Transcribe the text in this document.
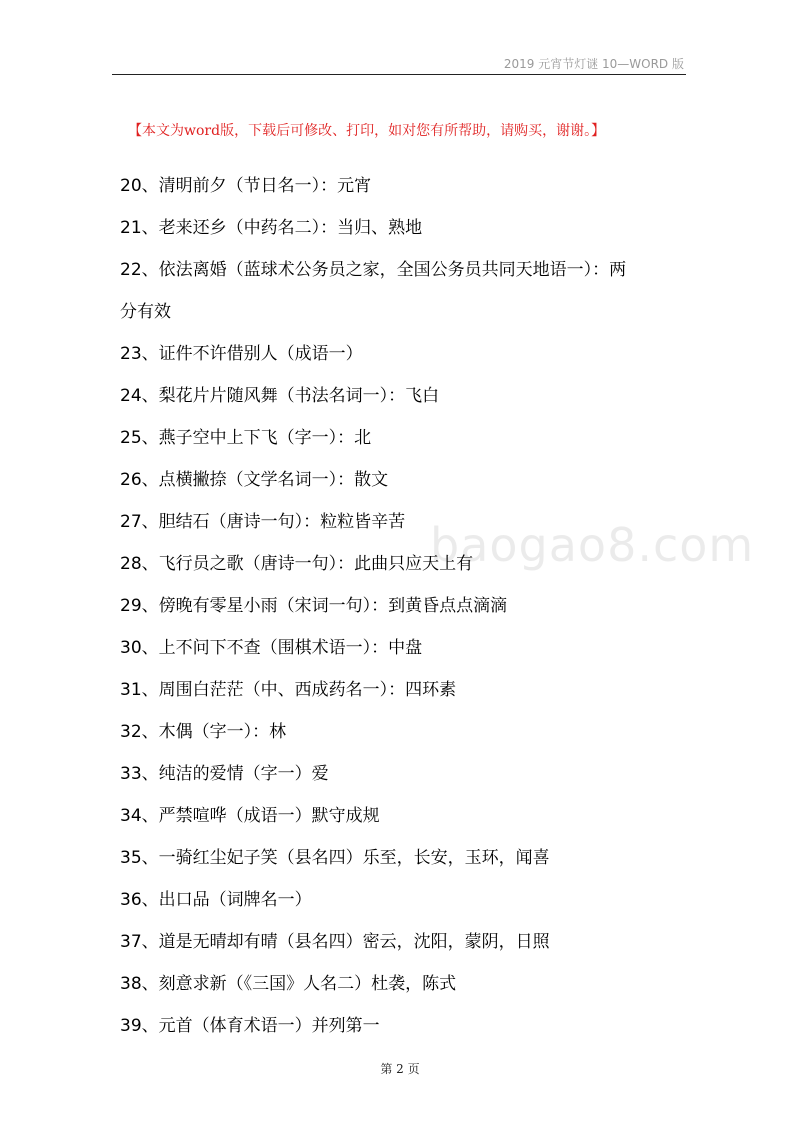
2019 元宵节灯谜 10—WORD 版
【本文为word版，下载后可修改、打印，如对您有所帮助，请购买，谢谢。】
baogao8.com
20、清明前夕（节日名一）：元宵
21、老来还乡（中药名二）：当归、熟地
22、依法离婚（蓝球术公务员之家，全国公务员共同天地语一）：两
分有效
23、证件不许借别人（成语一）
24、梨花片片随风舞（书法名词一）：飞白
25、燕子空中上下飞（字一）：北
26、点横撇捺（文学名词一）：散文
27、胆结石（唐诗一句）：粒粒皆辛苦
28、飞行员之歌（唐诗一句）：此曲只应天上有
29、傍晚有零星小雨（宋词一句）：到黄昏点点滴滴
30、上不问下不查（围棋术语一）：中盘
31、周围白茫茫（中、西成药名一）：四环素
32、木偶（字一）：林
33、纯洁的爱情（字一）爱
34、严禁喧哗（成语一）默守成规
35、一骑红尘妃子笑（县名四）乐至，长安，玉环，闻喜
36、出口品（词牌名一）
37、道是无晴却有晴（县名四）密云，沈阳，蒙阴，日照
38、刻意求新（《三国》人名二）杜袭，陈式
39、元首（体育术语一）并列第一
第 2 页
